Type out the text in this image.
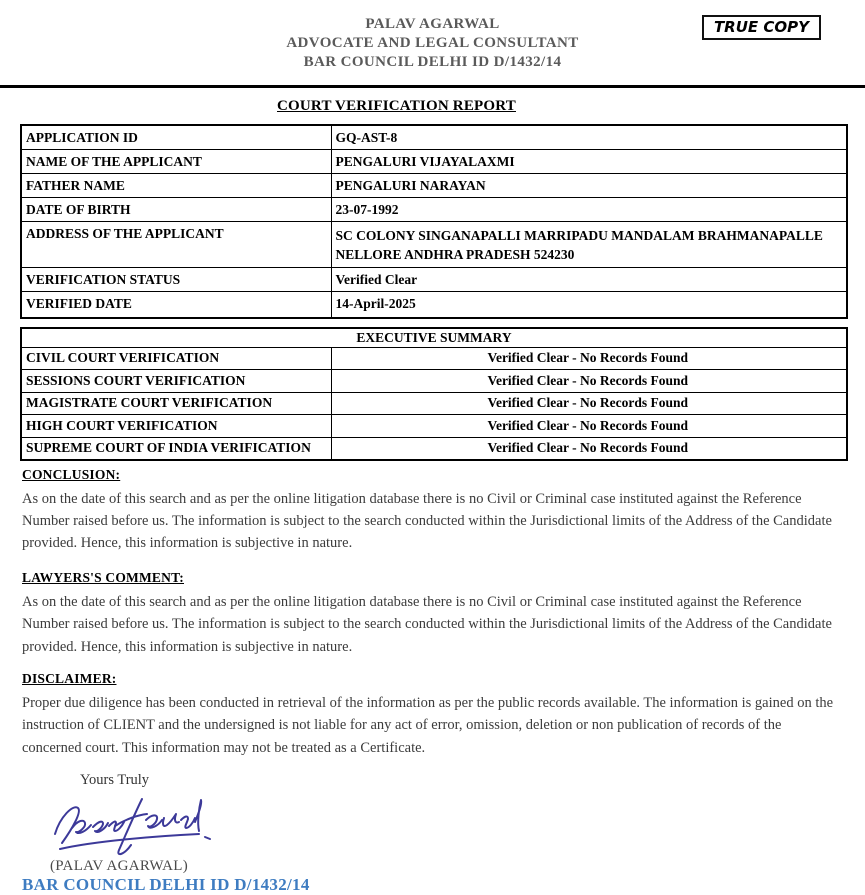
PALAV AGARWAL
ADVOCATE AND LEGAL CONSULTANT
BAR COUNCIL DELHI ID D/1432/14
TRUE COPY
COURT VERIFICATION REPORT
APPLICATION ID	GQ-AST-8
NAME OF THE APPLICANT	PENGALURI VIJAYALAXMI
FATHER NAME	PENGALURI NARAYAN
DATE OF BIRTH	23-07-1992
ADDRESS OF THE APPLICANT	SC COLONY SINGANAPALLI MARRIPADU MANDALAM BRAHMANAPALLE NELLORE ANDHRA PRADESH 524230
VERIFICATION STATUS	Verified Clear
VERIFIED DATE	14-April-2025
EXECUTIVE SUMMARY	
CIVIL COURT VERIFICATION	Verified Clear - No Records Found
SESSIONS COURT VERIFICATION	Verified Clear - No Records Found
MAGISTRATE COURT VERIFICATION	Verified Clear - No Records Found
HIGH COURT VERIFICATION	Verified Clear - No Records Found
SUPREME COURT OF INDIA VERIFICATION	Verified Clear - No Records Found
CONCLUSION:

As on the date of this search and as per the online litigation database there is no Civil or Criminal case instituted against the Reference Number raised before us. The information is subject to the search conducted within the Jurisdictional limits of the Address of the Candidate provided. Hence, this information is subjective in nature.

LAWYERS'S COMMENT:

As on the date of this search and as per the online litigation database there is no Civil or Criminal case instituted against the Reference Number raised before us. The information is subject to the search conducted within the Jurisdictional limits of the Address of the Candidate provided. Hence, this information is subjective in nature.

DISCLAIMER:

Proper due diligence has been conducted in retrieval of the information as per the public records available. The information is gained on the instruction of CLIENT and the undersigned is not liable for any act of error, omission, deletion or non publication of records of the concerned court. This information may not be treated as a Certificate.

Yours Truly
(PALAV AGARWAL)
BAR COUNCIL DELHI ID D/1432/14
